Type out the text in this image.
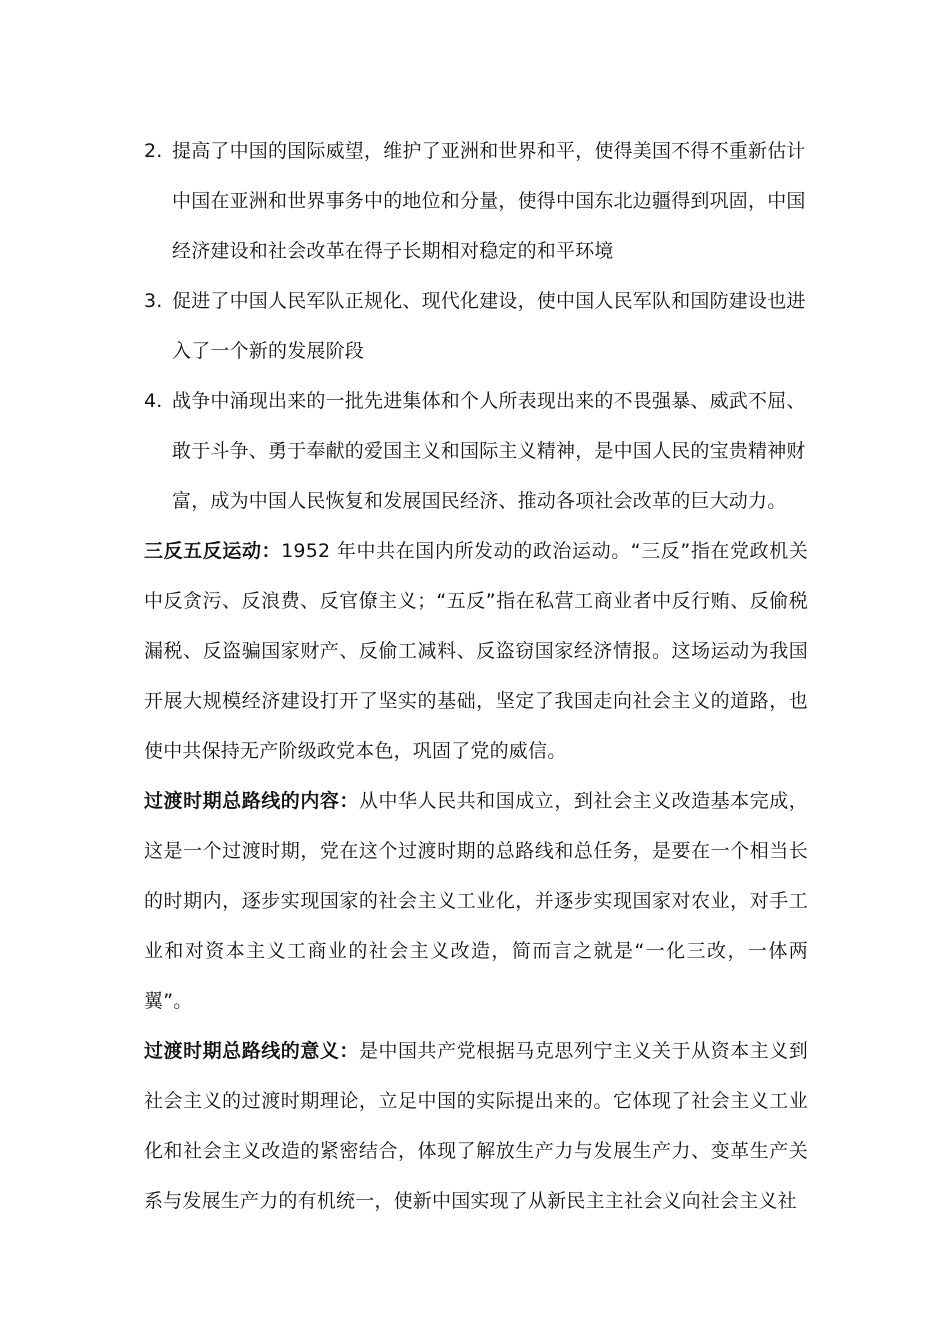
2. 提高了中国的国际威望，维护了亚洲和世界和平，使得美国不得不重新估计中国在亚洲和世界事务中的地位和分量，使得中国东北边疆得到巩固，中国经济建设和社会改革在得子长期相对稳定的和平环境
3. 促进了中国人民军队正规化、现代化建设，使中国人民军队和国防建设也进入了一个新的发展阶段
4. 战争中涌现出来的一批先进集体和个人所表现出来的不畏强暴、威武不屈、敢于斗争、勇于奉献的爱国主义和国际主义精神，是中国人民的宝贵精神财富，成为中国人民恢复和发展国民经济、推动各项社会改革的巨大动力。

三反五反运动：1952 年中共在国内所发动的政治运动。“三反”指在党政机关中反贪污、反浪费、反官僚主义；“五反”指在私营工商业者中反行贿、反偷税漏税、反盗骗国家财产、反偷工减料、反盗窃国家经济情报。这场运动为我国开展大规模经济建设打开了坚实的基础，坚定了我国走向社会主义的道路，也使中共保持无产阶级政党本色，巩固了党的威信。

过渡时期总路线的内容：从中华人民共和国成立，到社会主义改造基本完成，这是一个过渡时期，党在这个过渡时期的总路线和总任务，是要在一个相当长的时期内，逐步实现国家的社会主义工业化，并逐步实现国家对农业，对手工业和对资本主义工商业的社会主义改造，简而言之就是“一化三改，一体两翼”。

过渡时期总路线的意义：是中国共产党根据马克思列宁主义关于从资本主义到社会主义的过渡时期理论，立足中国的实际提出来的。它体现了社会主义工业化和社会主义改造的紧密结合，体现了解放生产力与发展生产力、变革生产关系与发展生产力的有机统一，使新中国实现了从新民主主社会义向社会主义社
